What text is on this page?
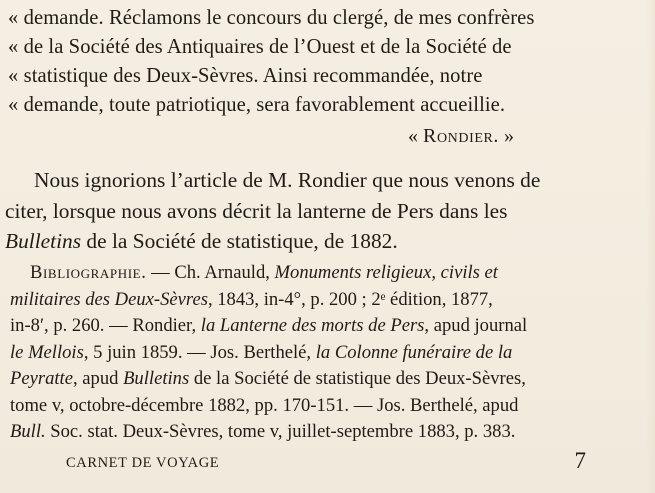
« demande. Réclamons le concours du clergé, de mes confrères
« de la Société des Antiquaires de l’Ouest et de la Société de
« statistique des Deux-Sèvres. Ainsi recommandée, notre
« demande, toute patriotique, sera favorablement accueillie.
« Rondier. »
Nous ignorions l’article de M. Rondier que nous venons de
citer, lorsque nous avons décrit la lanterne de Pers dans les
Bulletins de la Société de statistique, de 1882.
Bibliographie. — Ch. Arnauld, Monuments religieux, civils et
militaires des Deux-Sèvres, 1843, in-4°, p. 200 ; 2ᵉ édition, 1877,
in-8′, p. 260. — Rondier, la Lanterne des morts de Pers, apud journal
le Mellois, 5 juin 1859. — Jos. Berthelé, la Colonne funéraire de la
Peyratte, apud Bulletins de la Société de statistique des Deux-Sèvres,
tome v, octobre-décembre 1882, pp. 170-151. — Jos. Berthelé, apud
Bull. Soc. stat. Deux-Sèvres, tome v, juillet-septembre 1883, p. 383.
CARNET DE VOYAGE	7
